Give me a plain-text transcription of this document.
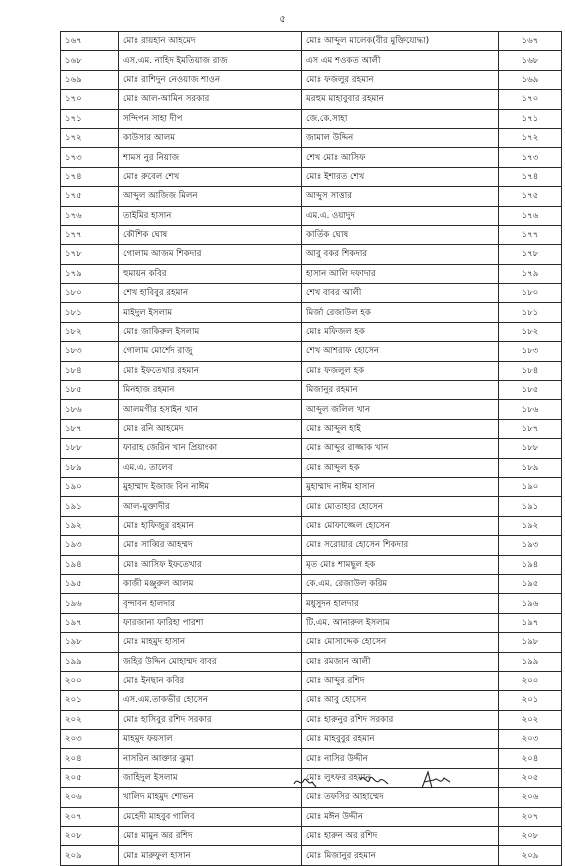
৫
১৬৭	মোঃ রায়হান আহমেদ	মোঃ আব্দুল মালেক(বীর মুক্তিযোদ্ধা)	১৬৭
১৬৮	এস.এম. নাহিদ ইমতিয়াজ রাজ	এস এম শওকত আলী	১৬৮
১৬৯	মোঃ রাশিদুন নেওয়াজ শাওন	মোঃ ফজলুর রহমান	১৬৯
১৭০	মোঃ আল-আমিন সরকার	মরহুম মাহাবুবার রহমান	১৭০
১৭১	সন্দিপন সাহা দীপ	জে.কে.সাহা	১৭১
১৭২	কাউসার আলম	জামাল উদ্দিন	১৭২
১৭৩	শামস নুর নিয়াজ	শেখ মোঃ আসিফ	১৭৩
১৭৪	মোঃ রুবেল শেখ	মোঃ ইশারত শেখ	১৭৪
১৭৫	আব্দুল আজিজ মিলন	আব্দুস সাত্তার	১৭৫
১৭৬	তাইমির হাসান	এম.এ. ওয়াদুদ	১৭৬
১৭৭	কৌশিক ঘোষ	কার্তিক ঘোষ	১৭৭
১৭৮	গোলাম আজম শিকদার	আবু বকর শিকদার	১৭৮
১৭৯	হুমায়ন কবির	হাসান আলি দফাদার	১৭৯
১৮০	শেখ হাবিবুর রহমান	শেখ বাবর আলী	১৮০
১৮১	মাইদুল ইসলাম	মির্জা রেজাউল হক	১৮১
১৮২	মোঃ জাকিরুল ইসলাম	মোঃ মফিজল হক	১৮২
১৮৩	গোলাম মোর্শেদ রাজু	শেখ আশরাফ হোসেন	১৮৩
১৮৪	মোঃ ইফতেখার রহমান	মোঃ ফজলুল হক	১৮৪
১৮৫	মিনহাজ রহমান	মিজানুর রহমান	১৮৫
১৮৬	আলমগীর হসাইন খান	আব্দুল জলিল খান	১৮৬
১৮৭	মোঃ রনি আহমেদ	মোঃ আব্দুল হাই	১৮৭
১৮৮	ফারাহ জেরিন খান প্রিয়াংকা	মোঃ আব্দুর রাজ্জাক খান	১৮৮
১৮৯	এম.এ. তালেব	মোঃ আব্দুল হক	১৮৯
১৯০	মুহাম্মাদ ইজাজ বিন নাঈম	মুহাম্মাদ নাঈম হাসান	১৯০
১৯১	আল-মুক্তাদীর	মোঃ মোতাহার হোসেন	১৯১
১৯২	মোঃ হাফিজুর রহমান	মোঃ মোফাজ্জেল হোসেন	১৯২
১৯৩	মোঃ সাব্বির আহম্মদ	মোঃ সরোয়ার হোসেন শিকদার	১৯৩
১৯৪	মোঃ আসিফ ইফতেখার	মৃত মোঃ শামছুল হক	১৯৪
১৯৫	কাজী মঞ্জুরুল আলম	কে.এম. রেজাউল করিম	১৯৫
১৯৬	বৃন্দাবন হালদার	মধুসুদন হালদার	১৯৬
১৯৭	ফারজানা ফারিহা পারশা	টি.এম. আনারুল ইসলাম	১৯৭
১৯৮	মোঃ মাহমুদ হাসান	মোঃ মোসাদ্দেক হোসেন	১৯৮
১৯৯	জহির উদ্দিন মোহাম্মদ বাবর	মোঃ রমজান আলী	১৯৯
২০০	মোঃ ইনছান কবির	মোঃ আব্দুর রশিদ	২০০
২০১	এস.এম.তাকভীর হোসেন	মোঃ আবু হোসেন	২০১
২০২	মোঃ হাসিবুর রশিদ সরকার	মোঃ হারুনুর রশিদ সরকার	২০২
২০৩	মাহমুদ ফয়সাল	মোঃ মাহবুবুর রহমান	২০৩
২০৪	নাসরিন আক্তার ঝুমা	মোঃ নাসির উদ্দীন	২০৪
২০৫	জাহিদুল ইসলাম	মোঃ লুৎফর রহমান	২০৫
২০৬	খালিদ মাহমুদ শোভন	মোঃ তফসির আহাম্মেদ	২০৬
২০৭	মেহেদী মাহবুব গালিব	মোঃ মঈন উদ্দীন	২০৭
২০৮	মোঃ মামুন অর রশিদ	মোঃ হারুন অর রশিদ	২০৮
২০৯	মোঃ মারুফুল হাসান	মোঃ মিজানুর রহমান	২০৯
